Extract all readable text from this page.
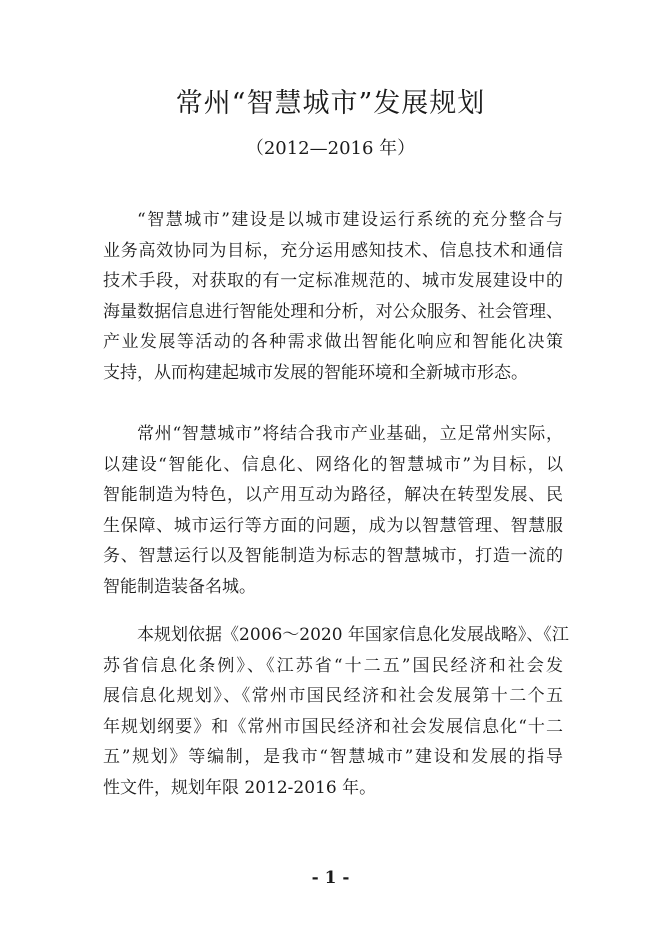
常州“智慧城市”发展规划
（2012—2016 年）
“智慧城市”建设是以城市建设运行系统的充分整合与
业务高效协同为目标，充分运用感知技术、信息技术和通信
技术手段，对获取的有一定标准规范的、城市发展建设中的
海量数据信息进行智能处理和分析，对公众服务、社会管理、
产业发展等活动的各种需求做出智能化响应和智能化决策
支持，从而构建起城市发展的智能环境和全新城市形态。
常州“智慧城市”将结合我市产业基础，立足常州实际，
以建设“智能化、信息化、网络化的智慧城市”为目标，以
智能制造为特色，以产用互动为路径，解决在转型发展、民
生保障、城市运行等方面的问题，成为以智慧管理、智慧服
务、智慧运行以及智能制造为标志的智慧城市，打造一流的
智能制造装备名城。
本规划依据《2006～2020 年国家信息化发展战略》、《江
苏省信息化条例》、《江苏省“十二五”国民经济和社会发
展信息化规划》、《常州市国民经济和社会发展第十二个五
年规划纲要》和《常州市国民经济和社会发展信息化“十二
五”规划》等编制，是我市“智慧城市”建设和发展的指导
性文件，规划年限 2012-2016 年。
- 1 -
